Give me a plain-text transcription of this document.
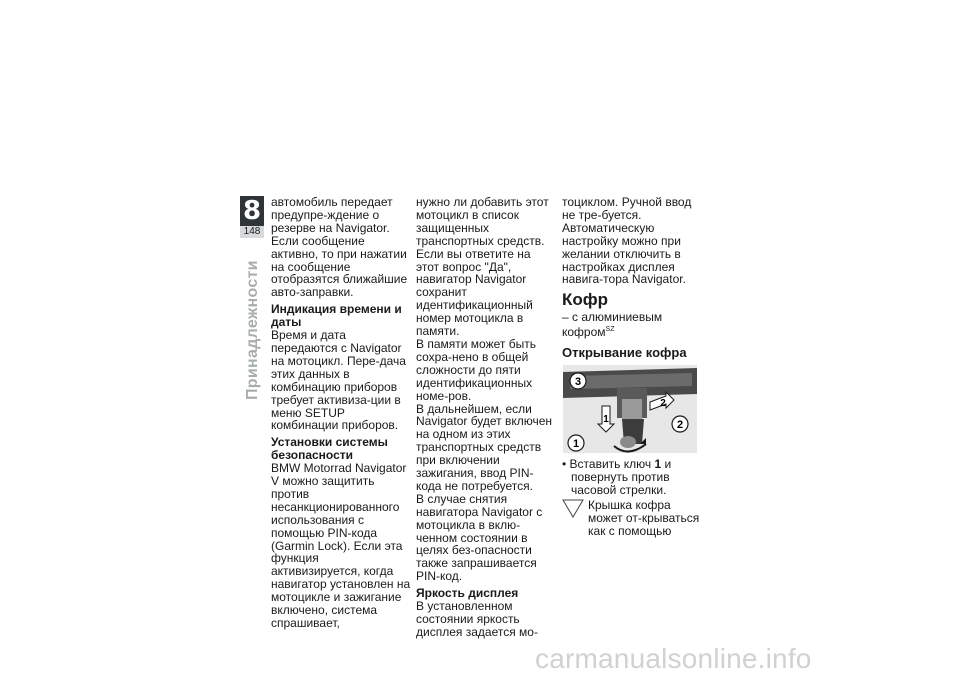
8
148
Принадлежности

автомобиль передает предупре-ждение о резерве на Navigator. Если сообщение активно, то при нажатии на сообщение отобразятся ближайшие авто-заправки.

Индикация времени и даты

Время и дата передаются с Navigator на мотоцикл. Пере-дача этих данных в комбинацию приборов требует активиза-ции в меню SETUP комбинации приборов.

Установки системы безопасности

BMW Motorrad Navigator V можно защитить против несанкционированного использования с помощью PIN-кода (Garmin Lock). Если эта функция активизируется, когда навигатор установлен на мотоцикле и зажигание включено, система спрашивает,

нужно ли добавить этот мотоцикл в список защищенных транспортных средств. Если вы ответите на этот вопрос "Да", навигатор Navigator сохранит идентификационный номер мотоцикла в памяти.

В памяти может быть сохра-нено в общей сложности до пяти идентификационных номе-ров.

В дальнейшем, если Navigator будет включен на одном из этих транспортных средств при включении зажигания, ввод PIN-кода не потребуется.

В случае снятия навигатора Navigator с мотоцикла в вклю-ченном состоянии в целях без-опасности также запрашивается PIN-код.

Яркость дисплея

В установленном состоянии яркость дисплея задается мо-

тоциклом. Ручной ввод не тре-буется.

Автоматическую настройку можно при желании отключить в настройках дисплея навига-тора Navigator.

Кофр

– с алюминиевым кофром$^{SZ}$

Открывание кофра

3
2
1	2
1

• Вставить ключ 1 и повернуть против часовой стрелки.

Крышка кофра может от-крываться как с помощью

carmanualsonline.info
